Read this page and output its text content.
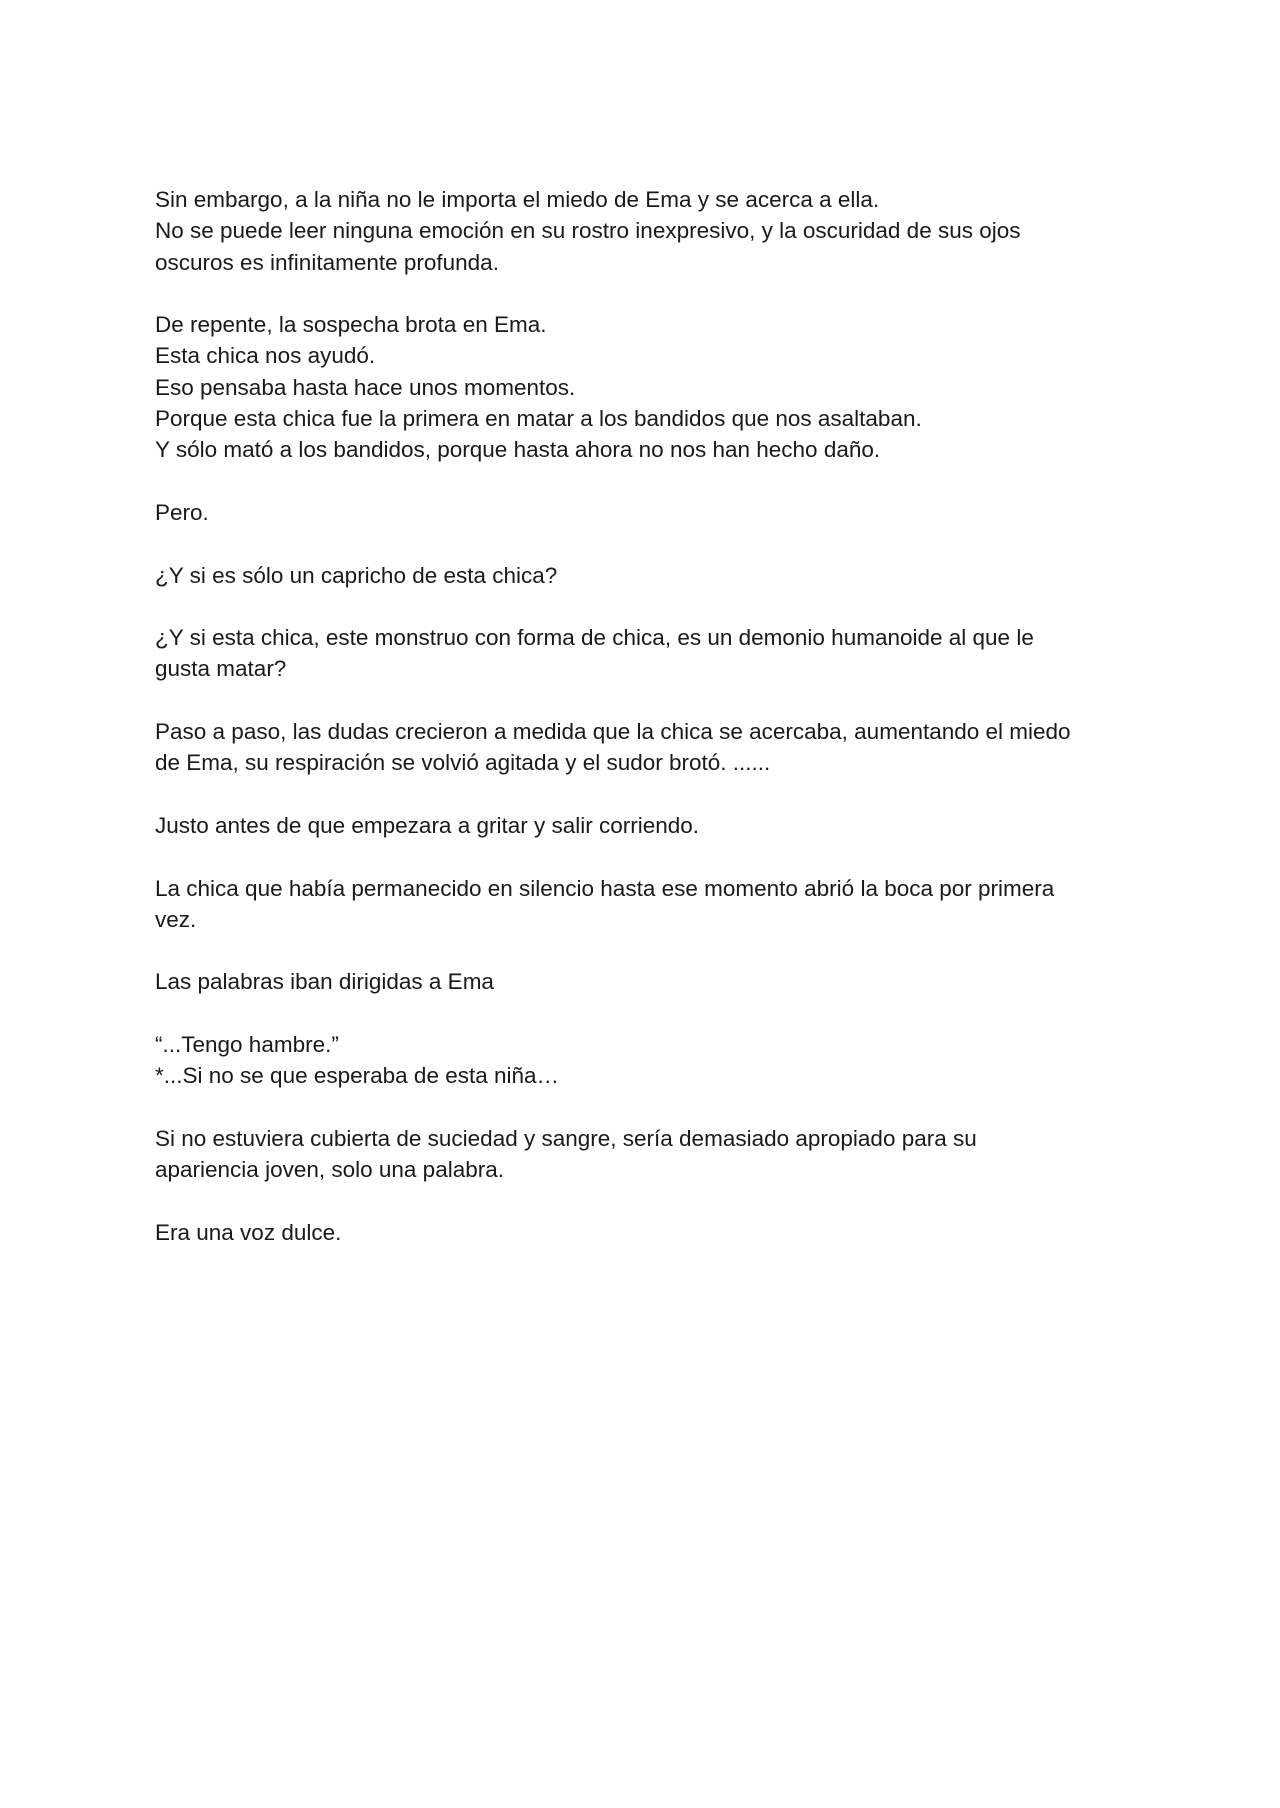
Sin embargo, a la niña no le importa el miedo de Ema y se acerca a ella.
No se puede leer ninguna emoción en su rostro inexpresivo, y la oscuridad de sus ojos
oscuros es infinitamente profunda.
De repente, la sospecha brota en Ema.
Esta chica nos ayudó.
Eso pensaba hasta hace unos momentos.
Porque esta chica fue la primera en matar a los bandidos que nos asaltaban.
Y sólo mató a los bandidos, porque hasta ahora no nos han hecho daño.
Pero.
¿Y si es sólo un capricho de esta chica?
¿Y si esta chica, este monstruo con forma de chica, es un demonio humanoide al que le
gusta matar?
Paso a paso, las dudas crecieron a medida que la chica se acercaba, aumentando el miedo
de Ema, su respiración se volvió agitada y el sudor brotó. ......
Justo antes de que empezara a gritar y salir corriendo.
La chica que había permanecido en silencio hasta ese momento abrió la boca por primera
vez.
Las palabras iban dirigidas a Ema
“...Tengo hambre.”
*...Si no se que esperaba de esta niña…
Si no estuviera cubierta de suciedad y sangre, sería demasiado apropiado para su
apariencia joven, solo una palabra.
Era una voz dulce.
